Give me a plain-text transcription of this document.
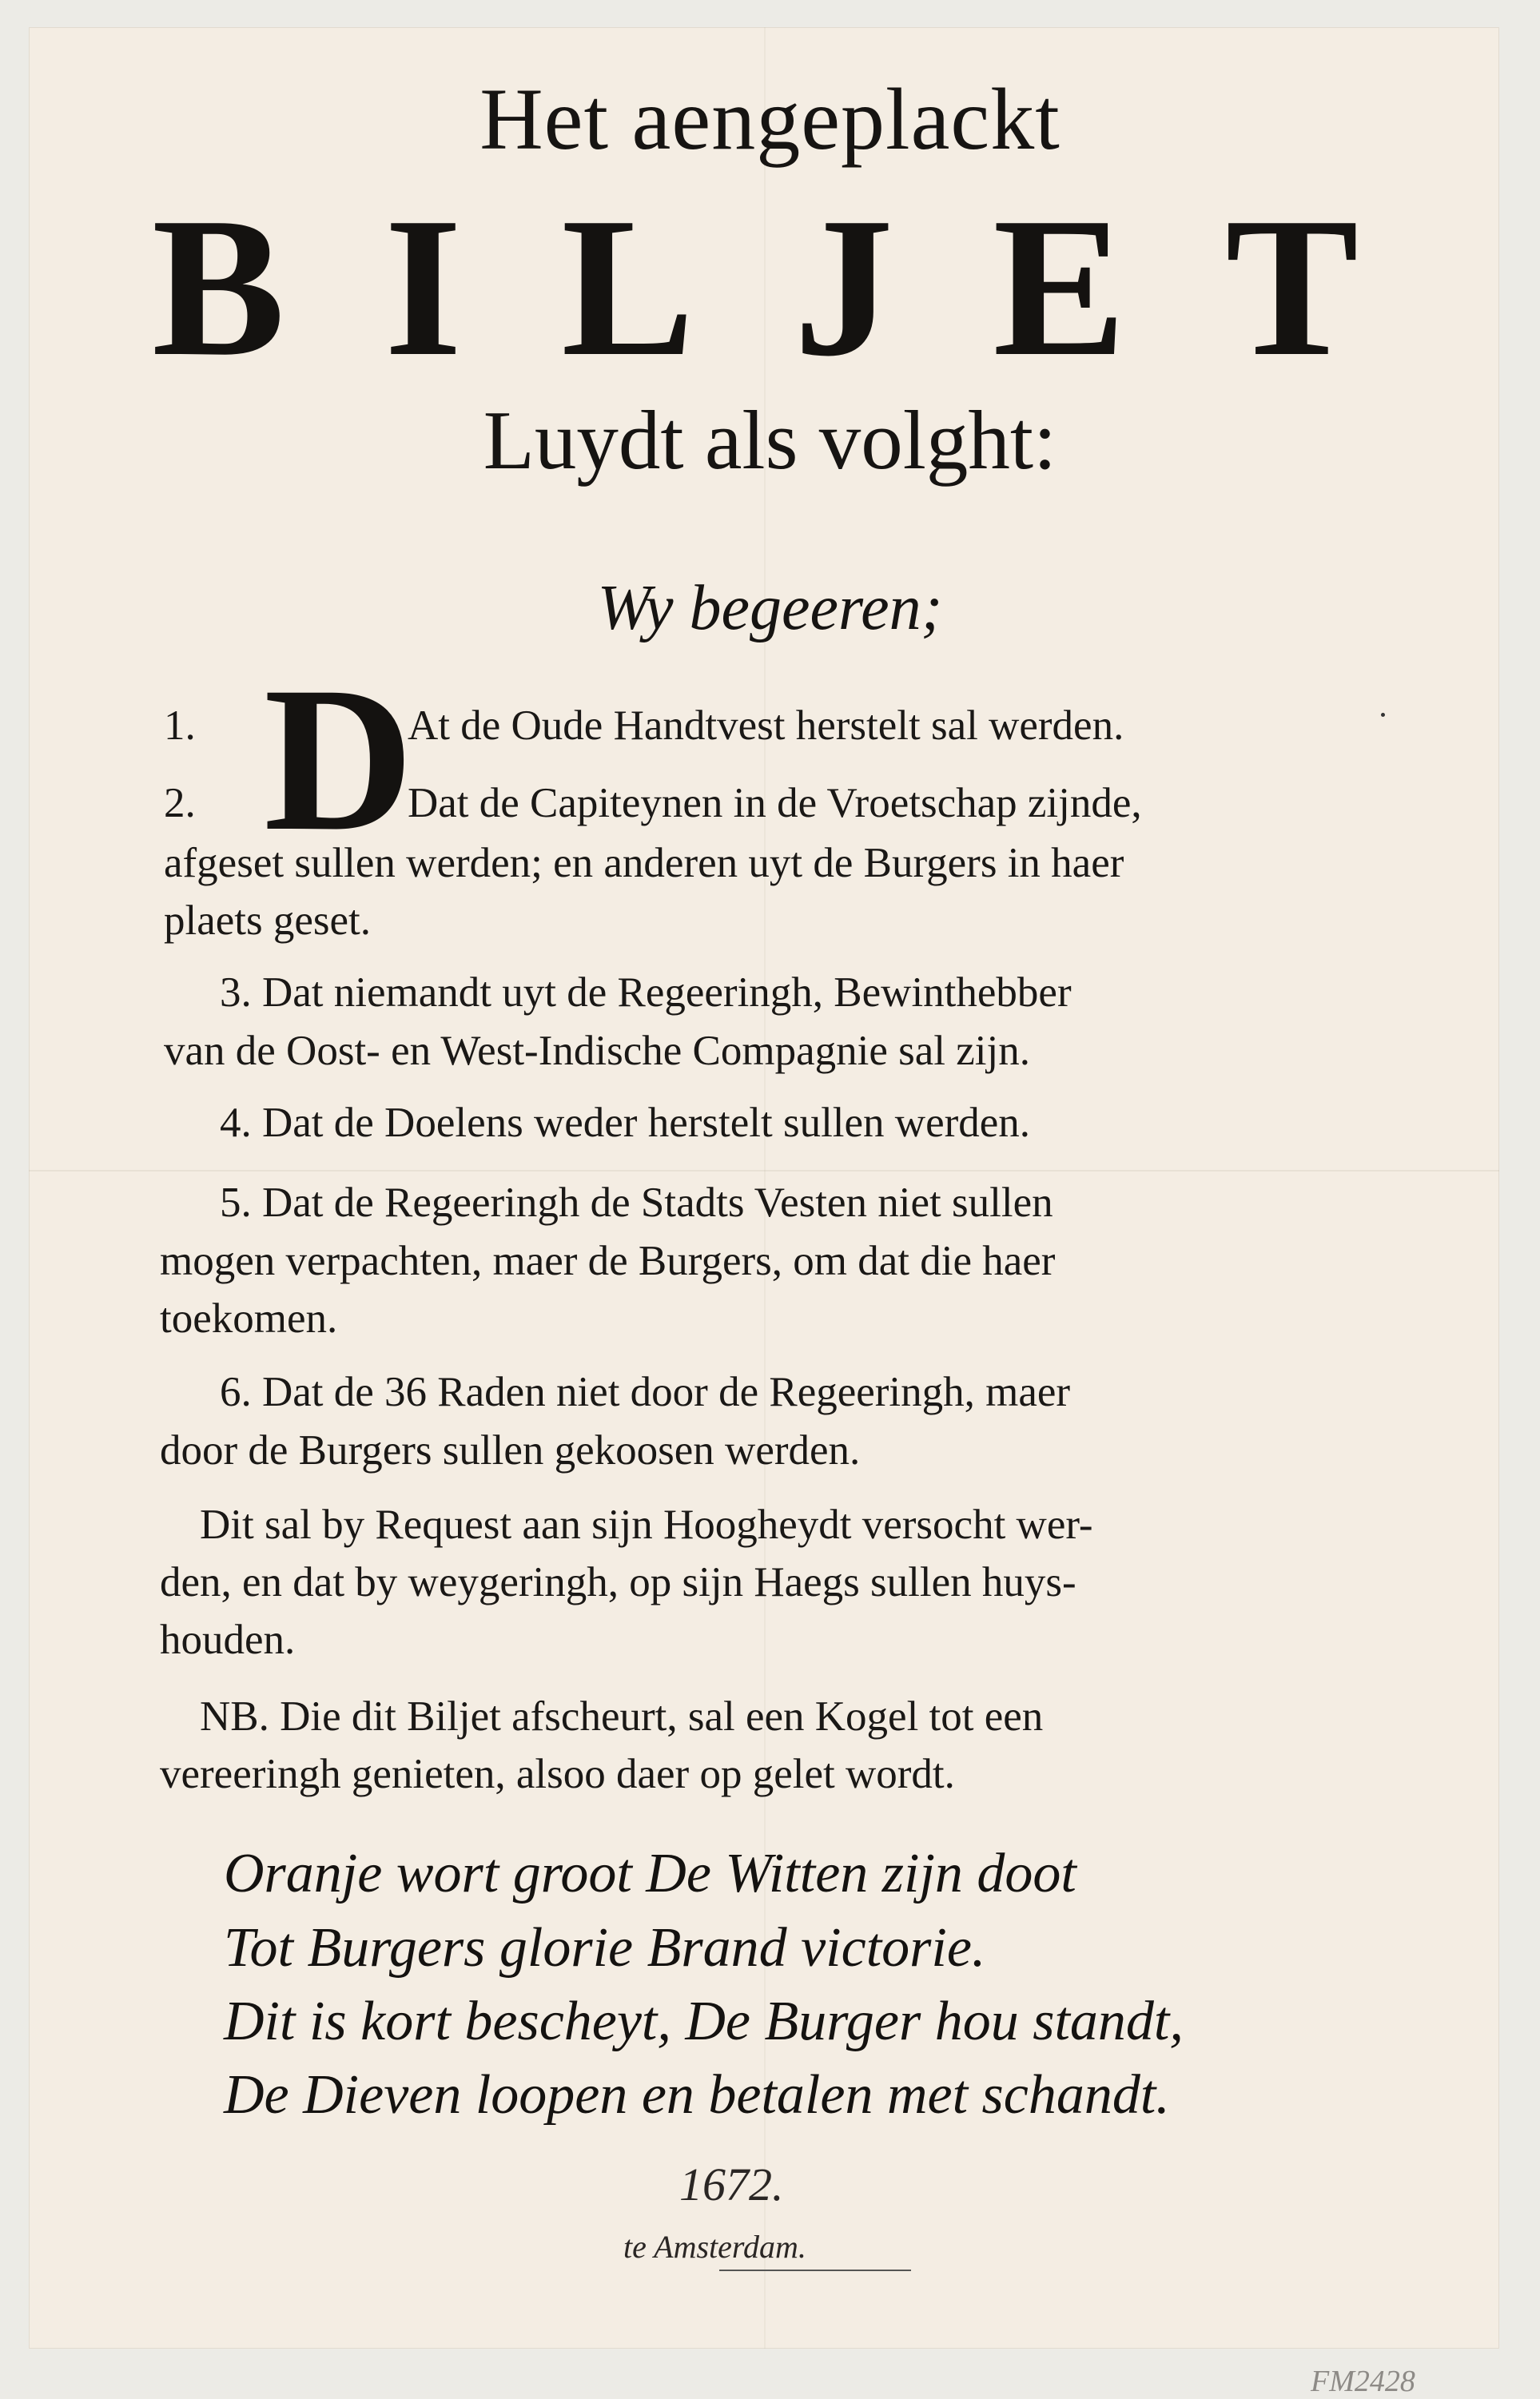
Het aengeplackt
B I L J E T
Luydt als volght:
Wy begeeren;
D
1.	At de Oude Handtvest herstelt sal werden.
2.	Dat de Capiteynen in de Vroetschap zijnde,
afgeset sullen werden; en anderen uyt de Burgers in haer
plaets geset.
3. Dat niemandt uyt de Regeeringh, Bewinthebber
van de Oost- en West-Indische Compagnie sal zijn.
4. Dat de Doelens weder herstelt sullen werden.
5. Dat de Regeeringh de Stadts Vesten niet sullen
mogen verpachten, maer de Burgers, om dat die haer
toekomen.
6. Dat de 36 Raden niet door de Regeeringh, maer
door de Burgers sullen gekoosen werden.
Dit sal by Request aan sijn Hoogheydt versocht wer-
den, en dat by weygeringh, op sijn Haegs sullen huys-
houden.
NB. Die dit Biljet afscheurt, sal een Kogel tot een
vereeringh genieten, alsoo daer op gelet wordt.
Oranje wort groot De Witten zijn doot
Tot Burgers glorie Brand victorie.
Dit is kort bescheyt, De Burger hou standt,
De Dieven loopen en betalen met schandt.
1672.
te Amsterdam.
FM2428
